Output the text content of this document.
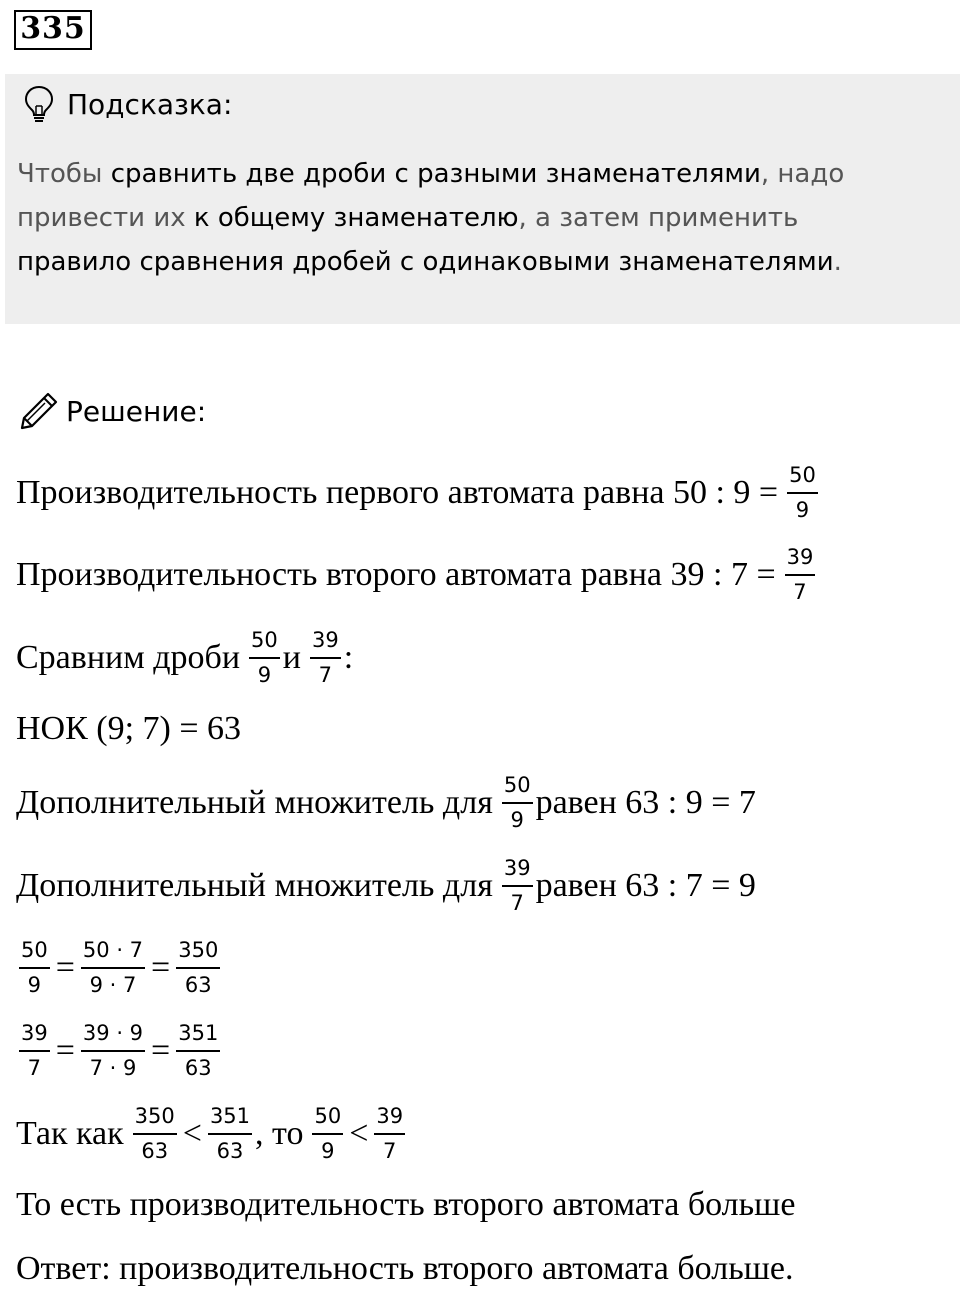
335
Подсказка:
Чтобы сравнить две дроби с разными знаменателями, надо
привести их к общему знаменателю, а затем применить
правило сравнения дробей с одинаковыми знаменателями.
Решение:
Производительность первого автомата равна 50 : $9 = \frac{50}{9}$
Производительность второго автомата равна 39 : $7 = \frac{39}{7}$
Сравним дроби $\frac{50}{9}$ и $\frac{39}{7}$ :
НОК (9; 7) = 63
Дополнительный множитель для $\frac{50}{9}$ равен 63 : 9 = 7
Дополнительный множитель для $\frac{39}{7}$ равен 63 : 7 = 9
$\frac{50}{9} = \frac{50 \cdot 7}{9 \cdot 7} = \frac{350}{63}$
$\frac{39}{7} = \frac{39 \cdot 9}{7 \cdot 9} = \frac{351}{63}$
Так как $\frac{350}{63} < \frac{351}{63}$ , то $\frac{50}{9} < \frac{39}{7}$
То есть производительность второго автомата больше
Ответ: производительность второго автомата больше.
